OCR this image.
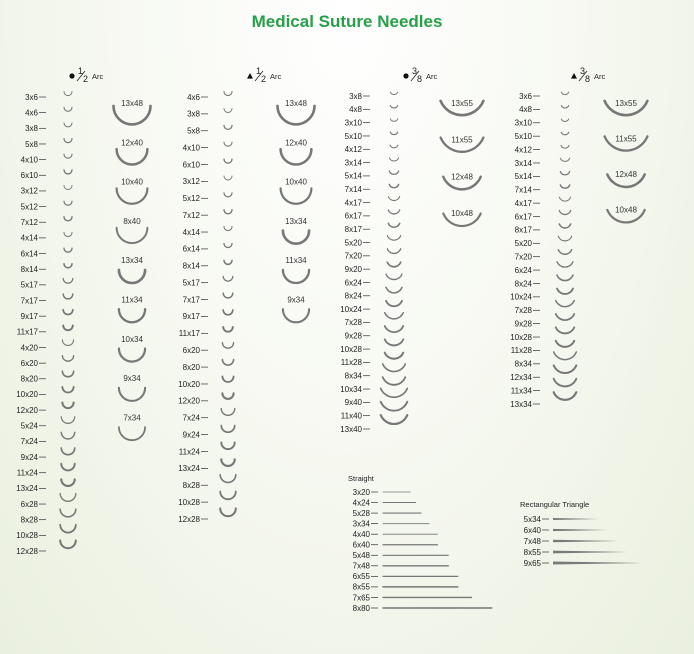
Medical Suture Needles
1
2 Arc
3x6
4x6
3x8
5x8
4x10
6x10
3x12
5x12
7x12
4x14
6x14
8x14
5x17
7x17
9x17
11x17
4x20
6x20
8x20
10x20
12x20
5x24
7x24
9x24
11x24
13x24
6x28
8x28
10x28
12x28
13x48
12x40
10x40
8x40
13x34
11x34
10x34
9x34
7x34
1
2 Arc
4x6
3x8
5x8
4x10
6x10
3x12
5x12
7x12
4x14
6x14
8x14
5x17
7x17
9x17
11x17
6x20
8x20
10x20
12x20
7x24
9x24
11x24
13x24
8x28
10x28
12x28
13x48
12x40
10x40
13x34
11x34
9x34
3
8 Arc
3x8
4x8
3x10
5x10
4x12
3x14
5x14
7x14
4x17
6x17
8x17
5x20
7x20
9x20
6x24
8x24
10x24
7x28
9x28
10x28
11x28
8x34
10x34
9x40
11x40
13x40
13x55
11x55
12x48
10x48
3
8 Arc
3x6
4x8
3x10
5x10
4x12
3x14
5x14
7x14
4x17
6x17
8x17
5x20
7x20
6x24
8x24
10x24
7x28
9x28
10x28
11x28
8x34
12x34
11x34
13x34
13x55
11x55
12x48
10x48
Straight
3x20
4x24
5x28
3x34
4x40
6x40
5x48
7x48
6x55
8x55
7x65
8x80
Rectangular Triangle
5x34
6x40
7x48
8x55
9x65
